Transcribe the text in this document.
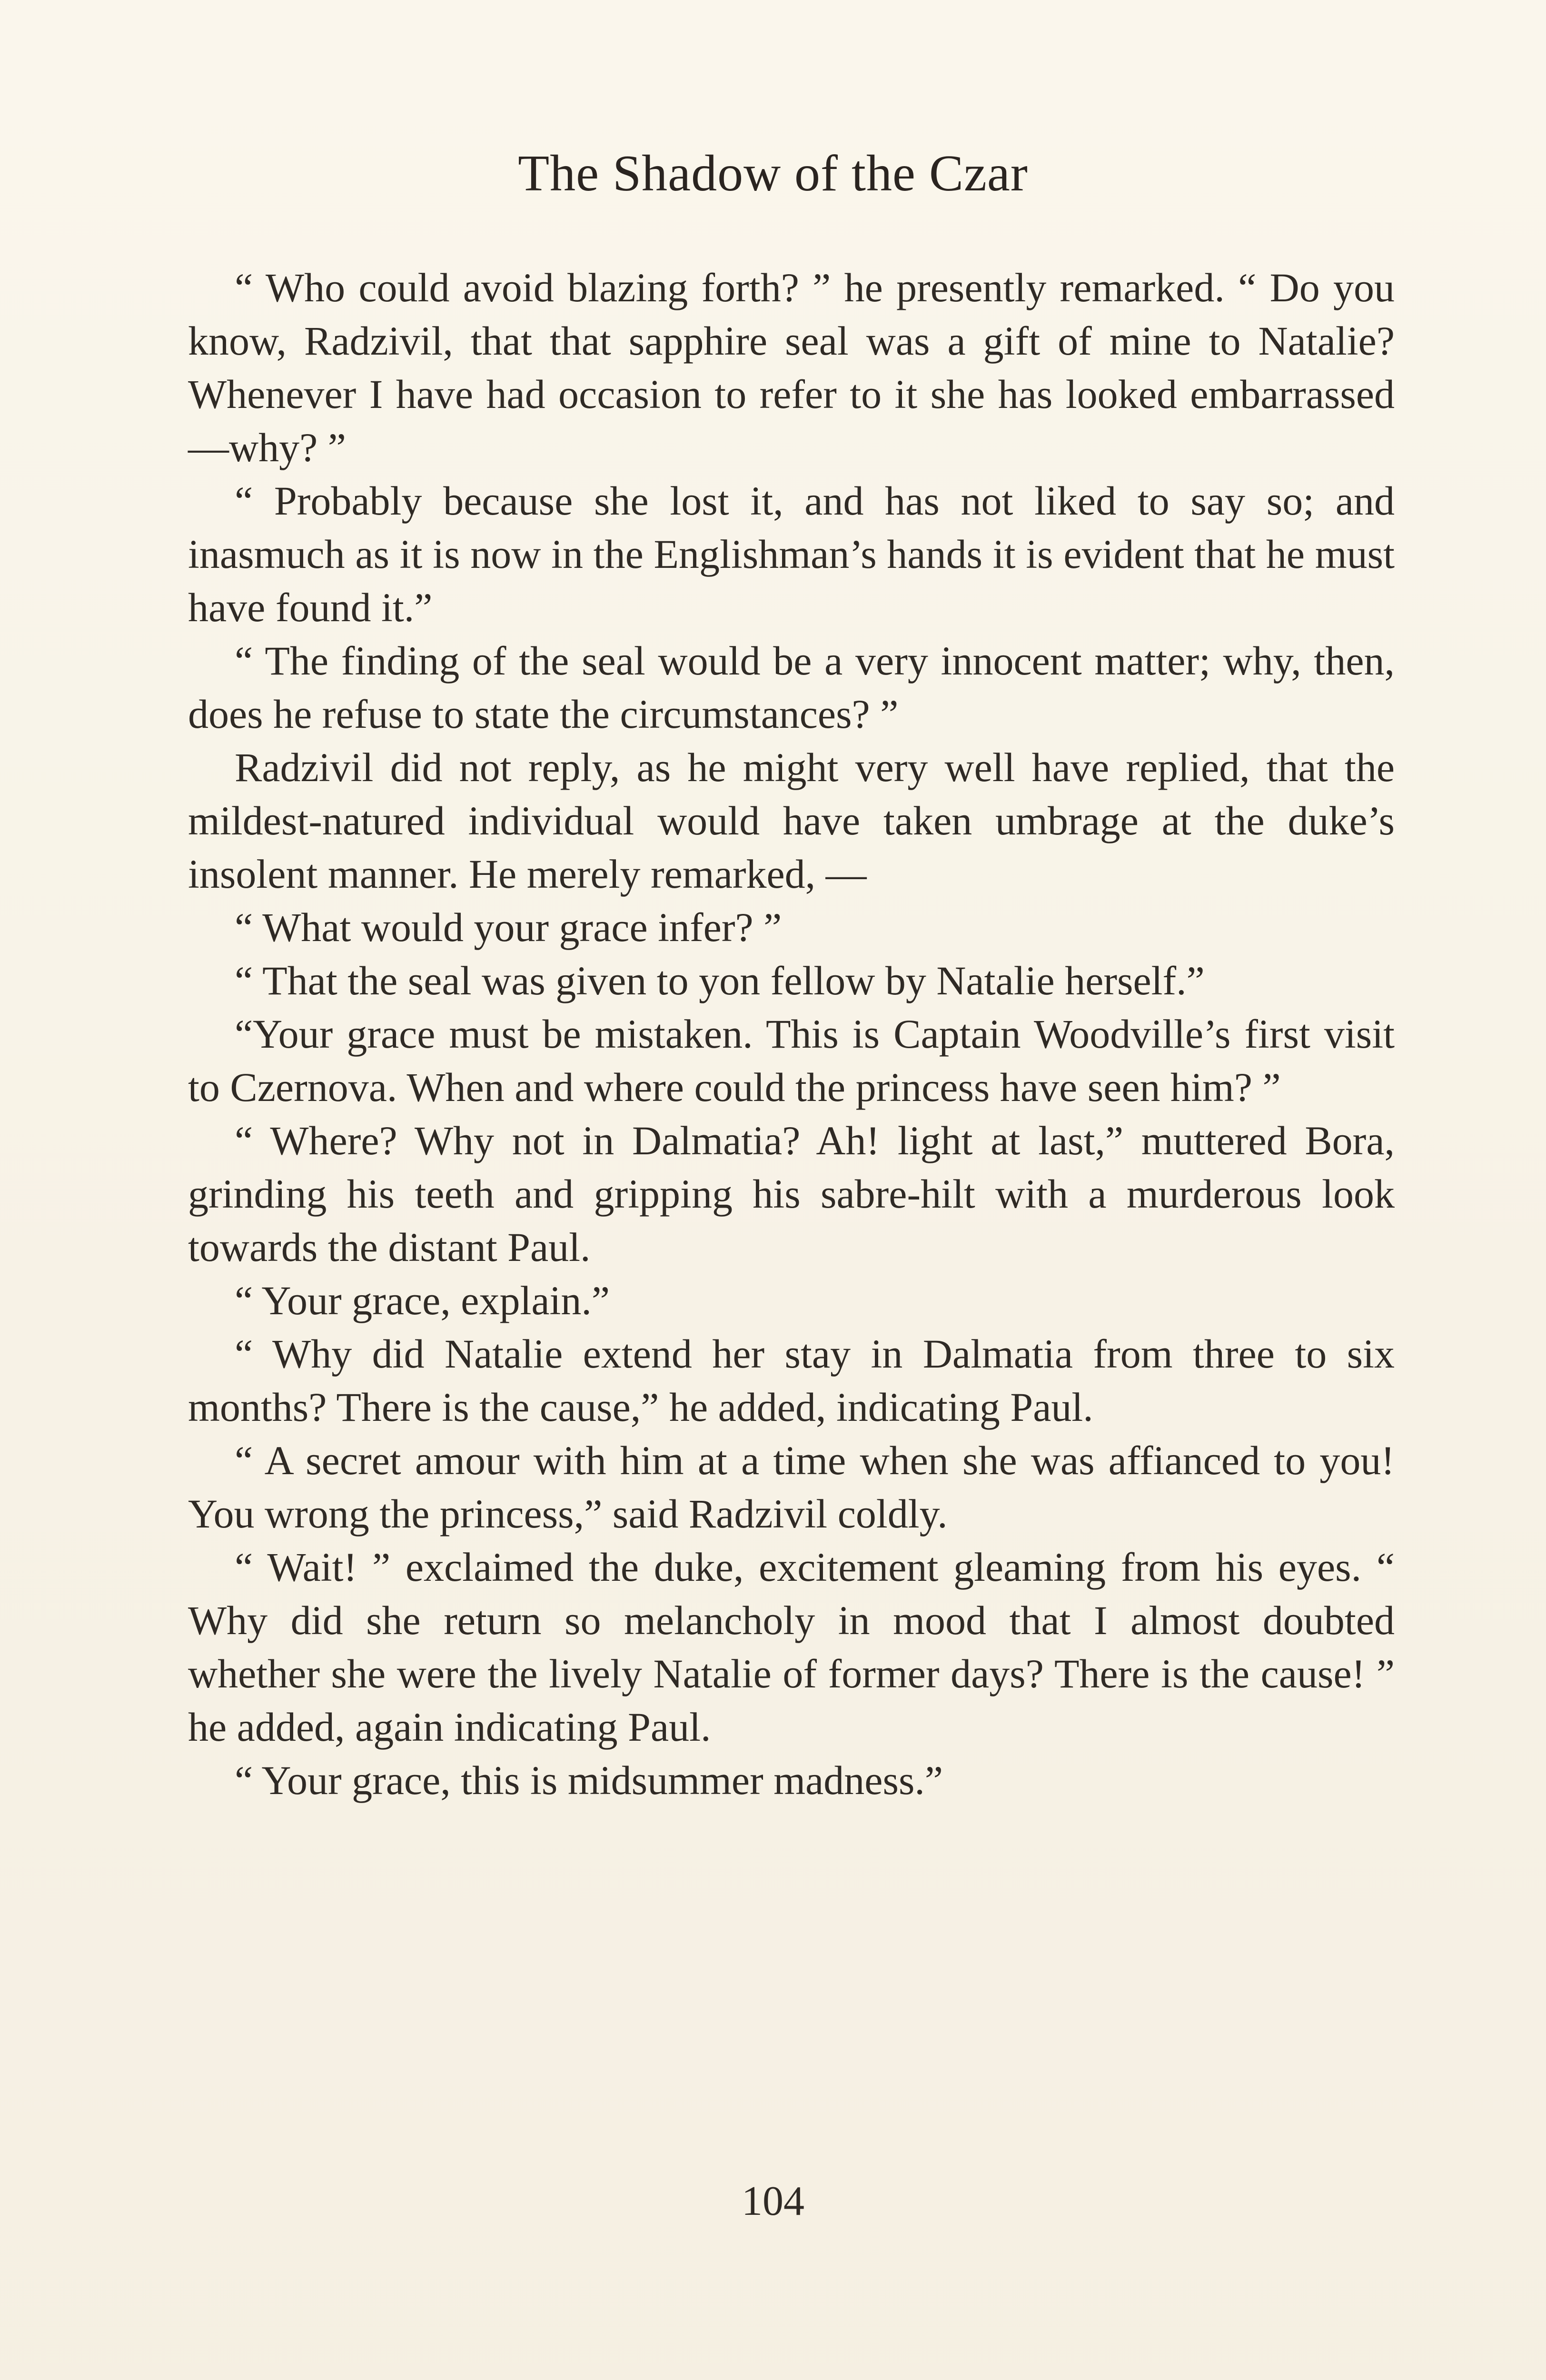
The Shadow of the Czar

“ Who could avoid blazing forth? ” he presently remarked. “ Do you know, Radzivil, that that sapphire seal was a gift of mine to Natalie? Whenever I have had occasion to refer to it she has looked embarrassed—why? ”

“ Probably because she lost it, and has not liked to say so; and inasmuch as it is now in the Englishman’s hands it is evident that he must have found it.”

“ The finding of the seal would be a very innocent matter; why, then, does he refuse to state the circumstances? ”

Radzivil did not reply, as he might very well have replied, that the mildest-natured individual would have taken umbrage at the duke’s insolent manner. He merely remarked, —

“ What would your grace infer? ”

“ That the seal was given to yon fellow by Natalie herself.”

“Your grace must be mistaken. This is Captain Woodville’s first visit to Czernova. When and where could the princess have seen him? ”

“ Where? Why not in Dalmatia? Ah! light at last,” muttered Bora, grinding his teeth and gripping his sabre-hilt with a murderous look towards the distant Paul.

“ Your grace, explain.”

“ Why did Natalie extend her stay in Dalmatia from three to six months? There is the cause,” he added, indicating Paul.

“ A secret amour with him at a time when she was affianced to you! You wrong the princess,” said Radzivil coldly.

“ Wait! ” exclaimed the duke, excitement gleaming from his eyes. “ Why did she return so melancholy in mood that I almost doubted whether she were the lively Natalie of former days? There is the cause! ” he added, again indicating Paul.

“ Your grace, this is midsummer madness.”

104
